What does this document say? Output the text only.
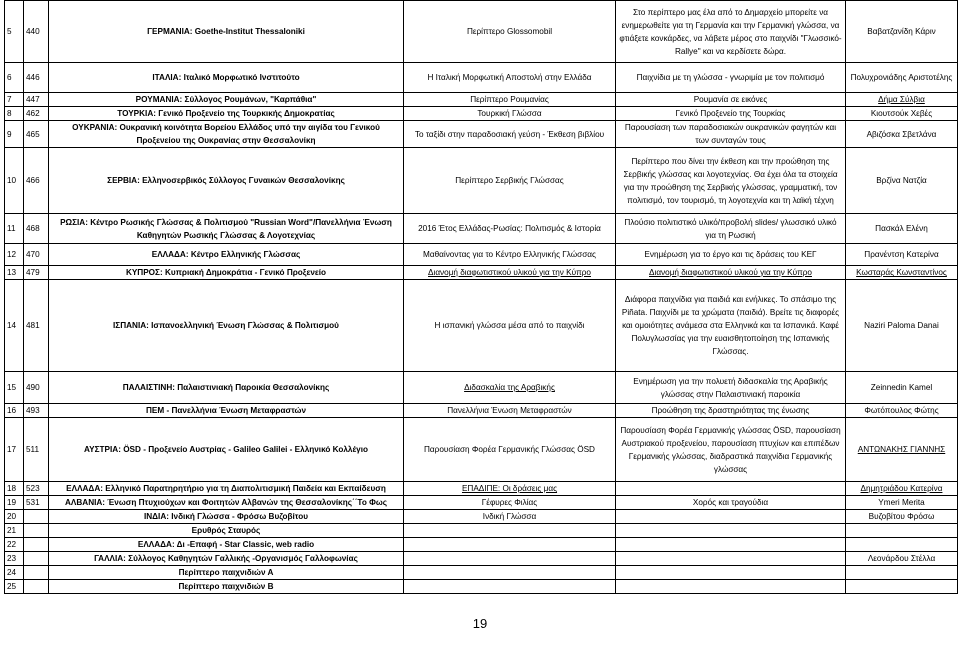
5	440	ΓΕΡΜΑΝΙΑ: Goethe-Institut Thessaloniki	Περίπτερο Glossomobil	Στο περίπτερο μας έλα από το Δημαρχείο μπορείτε να ενημερωθείτε για τη Γερμανία και την Γερμανική γλώσσα, να φτιάξετε κονκάρδες, να λάβετε μέρος στο παιχνίδι "Γλωσσικό-Rallye" και να κερδίσετε δώρα.	Βαβατζανίδη Κάριν
6	446	ΙΤΑΛΙΑ: Ιταλικό Μορφωτικό Ινστιτούτο	Η Ιταλική Μορφωτική Αποστολή στην Ελλάδα	Παιχνίδια με τη γλώσσα - γνωριμία με τον πολιτισμό	Πολυχρονιάδης Αριστοτέλης
7	447	ΡΟΥΜΑΝΙΑ: Σύλλογος Ρουμάνων, "Καρπάθια"	Περίπτερο Ρουμανίας	Ρουμανία σε εικόνες	Δήμα Σύλβια
8	462	ΤΟΥΡΚΙΑ: Γενικό Προξενείο της Τουρκικής Δημοκρατίας	Τουρκική Γλώσσα	Γενικό Προξενείο της Τουρκίας	Κιουτσούκ Χεβές
9	465	ΟΥΚΡΑΝΙΑ: Ουκρανική κοινότητα Βορείου Ελλάδος υπό την αιγίδα του Γενικού Προξενείου της Ουκρανίας στην Θεσσαλονίκη	Το ταξίδι στην παραδοσιακή γεύση - Έκθεση βιβλίου	Παρουσίαση των παραδοσιακών ουκρανικών φαγητών και των συνταγών τους	Αβιζόσκα Σβετλάνα
10	466	ΣΕΡΒΙΑ: Ελληνοσερβικός Σύλλογος Γυναικών Θεσσαλονίκης	Περίπτερο Σερβικής Γλώσσας	Περίπτερο που δίνει την έκθεση και την προώθηση της Σερβικής γλώσσας και λογοτεχνίας. Θα έχει όλα τα στοιχεία για την προώθηση της Σερβικής γλώσσας, γραμματική, τον πολιτισμό, τον τουρισμό, τη λογοτεχνία και τη λαϊκή τέχνη	Βρζίνα Νατζία
11	468	ΡΩΣΙΑ: Κέντρο Ρωσικής Γλώσσας & Πολιτισμού "Russian Word"/Πανελλήνια Ένωση Καθηγητών Ρωσικής Γλώσσας & Λογοτεχνίας	2016 Έτος Ελλάδας-Ρωσίας: Πολιτισμός & Ιστορία	Πλούσιο πολιτιστικό υλικό/προβολή slides/ γλωσσικό υλικό για τη Ρωσική	Πασκάλ Ελένη
12	470	ΕΛΛΑΔΑ: Κέντρο Ελληνικής Γλώσσας	Μαθαίνοντας για το Κέντρο Ελληνικής Γλώσσας	Ενημέρωση για το έργο και τις δράσεις του ΚΕΓ	Πρανέντση Κατερίνα
13	479	ΚΥΠΡΟΣ: Κυπριακή Δημοκράτια - Γενικό Προξενείο	Διανομή διαφωτιστικού υλικού για την Κύπρο	Διανομή διαφωτιστικού υλικού για την Κύπρο	Κωσταράς Κωνσταντίνος
14	481	ΙΣΠΑΝΙΑ: Ισπανοελληνική Ένωση Γλώσσας & Πολιτισμού	Η ισπανική γλώσσα μέσα από το παιχνίδι	Διάφορα παιχνίδια για παιδιά και ενήλικες. Το σπάσιμο της Piñata. Παιχνίδι με τα χρώματα (παιδιά). Βρείτε τις διαφορές και ομοιότητες ανάμεσα στα Ελληνικά και τα Ισπανικά. Καφέ Πολυγλωσσίας για την ευαισθητοποίηση της Ισπανικής Γλώσσας.	Naziri Paloma Danai
15	490	ΠΑΛΑΙΣΤΙΝΗ: Παλαιστινιακή Παροικία Θεσσαλονίκης	Διδασκαλία της Αραβικής	Ενημέρωση για την πολυετή διδασκαλία της Αραβικής γλώσσας στην Παλαιστινιακή παροικία	Zeinnedin Kamel
16	493	ΠΕΜ - Πανελλήνια Ένωση Μεταφραστών	Πανελλήνια Ένωση Μεταφραστών	Προώθηση της δραστηριότητας της ένωσης	Φωτόπουλος Φώτης
17	511	ΑΥΣΤΡΙΑ: ÖSD - Προξενείο Αυστρίας - Galileo Galilei - Ελληνικό Κολλέγιο	Παρουσίαση Φορέα Γερμανικής Γλώσσας ÖSD	Παρουσίαση Φορέα Γερμανικής γλώσσας ÖSD, παρουσίαση Αυστριακού προξενείου, παρουσίαση πτυχίων και επιπέδων Γερμανικής γλώσσας, διαδραστικά παιχνίδια Γερμανικής γλώσσας	ΑΝΤΩΝΑΚΗΣ ΓΙΑΝΝΗΣ
18	523	ΕΛΛΑΔΑ: Ελληνικό Παρατηρητήριο για τη Διαπολιτισμική Παιδεία και Εκπαίδευση	ΕΠΑΔΙΠΕ: Οι δράσεις μας		Δημητριάδου Κατερίνα
19	531	ΑΛΒΑΝΙΑ: Ένωση Πτυχιούχων και Φοιτητών Αλβανών της Θεσσαλονίκης΄΄Το Φως	Γέφυρες Φιλίας	Χορός και τραγούδια	Ymeri Merita
20		ΙΝΔΙΑ: Ινδική Γλώσσα - Φρόσω Βυζοβίτου	Ινδική Γλώσσα		Βυζοβίτου Φρόσω
21		Ερυθρός Σταυρός			
22		ΕΛΛΑΔΑ: Δι -Επαφή - Star Classic, web radio			
23		ΓΑΛΛΙΑ: Σύλλογος Καθηγητών Γαλλικής -Οργανισμός Γαλλοφωνίας			Λεονάρδου Στέλλα
24		Περίπτερο παιχνιδιών Α			
25		Περίπτερο παιχνιδιών Β			
19
